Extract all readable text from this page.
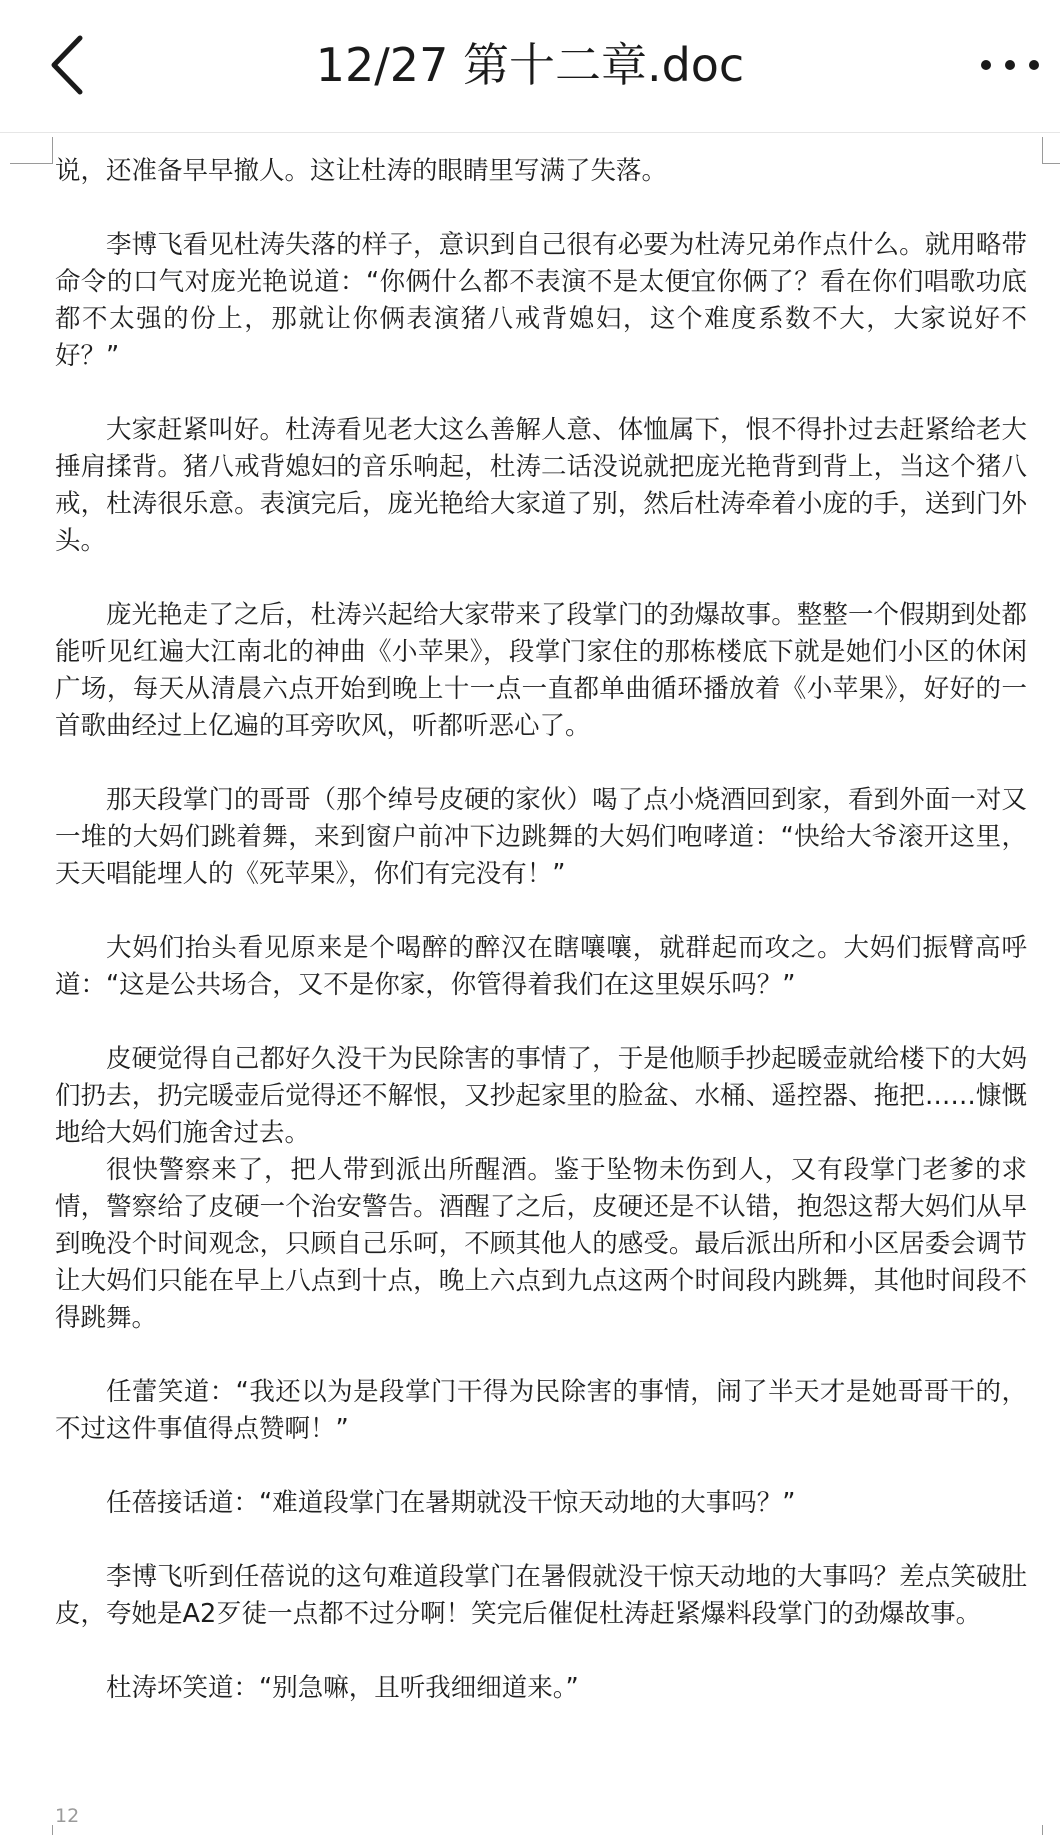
12/27 第十二章.doc

说，还准备早早撤人。这让杜涛的眼睛里写满了失落。

李博飞看见杜涛失落的样子，意识到自己很有必要为杜涛兄弟作点什么。就用略带命令的口气对庞光艳说道：“你俩什么都不表演不是太便宜你俩了？看在你们唱歌功底都不太强的份上，那就让你俩表演猪八戒背媳妇，这个难度系数不大，大家说好不好？”

大家赶紧叫好。杜涛看见老大这么善解人意、体恤属下，恨不得扑过去赶紧给老大捶肩揉背。猪八戒背媳妇的音乐响起，杜涛二话没说就把庞光艳背到背上，当这个猪八戒，杜涛很乐意。表演完后，庞光艳给大家道了别，然后杜涛牵着小庞的手，送到门外头。

庞光艳走了之后，杜涛兴起给大家带来了段掌门的劲爆故事。整整一个假期到处都能听见红遍大江南北的神曲《小苹果》，段掌门家住的那栋楼底下就是她们小区的休闲广场，每天从清晨六点开始到晚上十一点一直都单曲循环播放着《小苹果》，好好的一首歌曲经过上亿遍的耳旁吹风，听都听恶心了。

那天段掌门的哥哥（那个绰号皮硬的家伙）喝了点小烧酒回到家，看到外面一对又一堆的大妈们跳着舞，来到窗户前冲下边跳舞的大妈们咆哮道：“快给大爷滚开这里，天天唱能埋人的《死苹果》，你们有完没有！”

大妈们抬头看见原来是个喝醉的醉汉在瞎嚷嚷，就群起而攻之。大妈们振臂高呼道：“这是公共场合，又不是你家，你管得着我们在这里娱乐吗？”

皮硬觉得自己都好久没干为民除害的事情了，于是他顺手抄起暖壶就给楼下的大妈们扔去，扔完暖壶后觉得还不解恨，又抄起家里的脸盆、水桶、遥控器、拖把……慷慨地给大妈们施舍过去。

很快警察来了，把人带到派出所醒酒。鉴于坠物未伤到人，又有段掌门老爹的求情，警察给了皮硬一个治安警告。酒醒了之后，皮硬还是不认错，抱怨这帮大妈们从早到晚没个时间观念，只顾自己乐呵，不顾其他人的感受。最后派出所和小区居委会调节让大妈们只能在早上八点到十点，晚上六点到九点这两个时间段内跳舞，其他时间段不得跳舞。

任蕾笑道：“我还以为是段掌门干得为民除害的事情，闹了半天才是她哥哥干的，不过这件事值得点赞啊！”

任蓓接话道：“难道段掌门在暑期就没干惊天动地的大事吗？”

李博飞听到任蓓说的这句难道段掌门在暑假就没干惊天动地的大事吗？差点笑破肚皮，夸她是A2歹徒一点都不过分啊！笑完后催促杜涛赶紧爆料段掌门的劲爆故事。

杜涛坏笑道：“别急嘛，且听我细细道来。”

12
